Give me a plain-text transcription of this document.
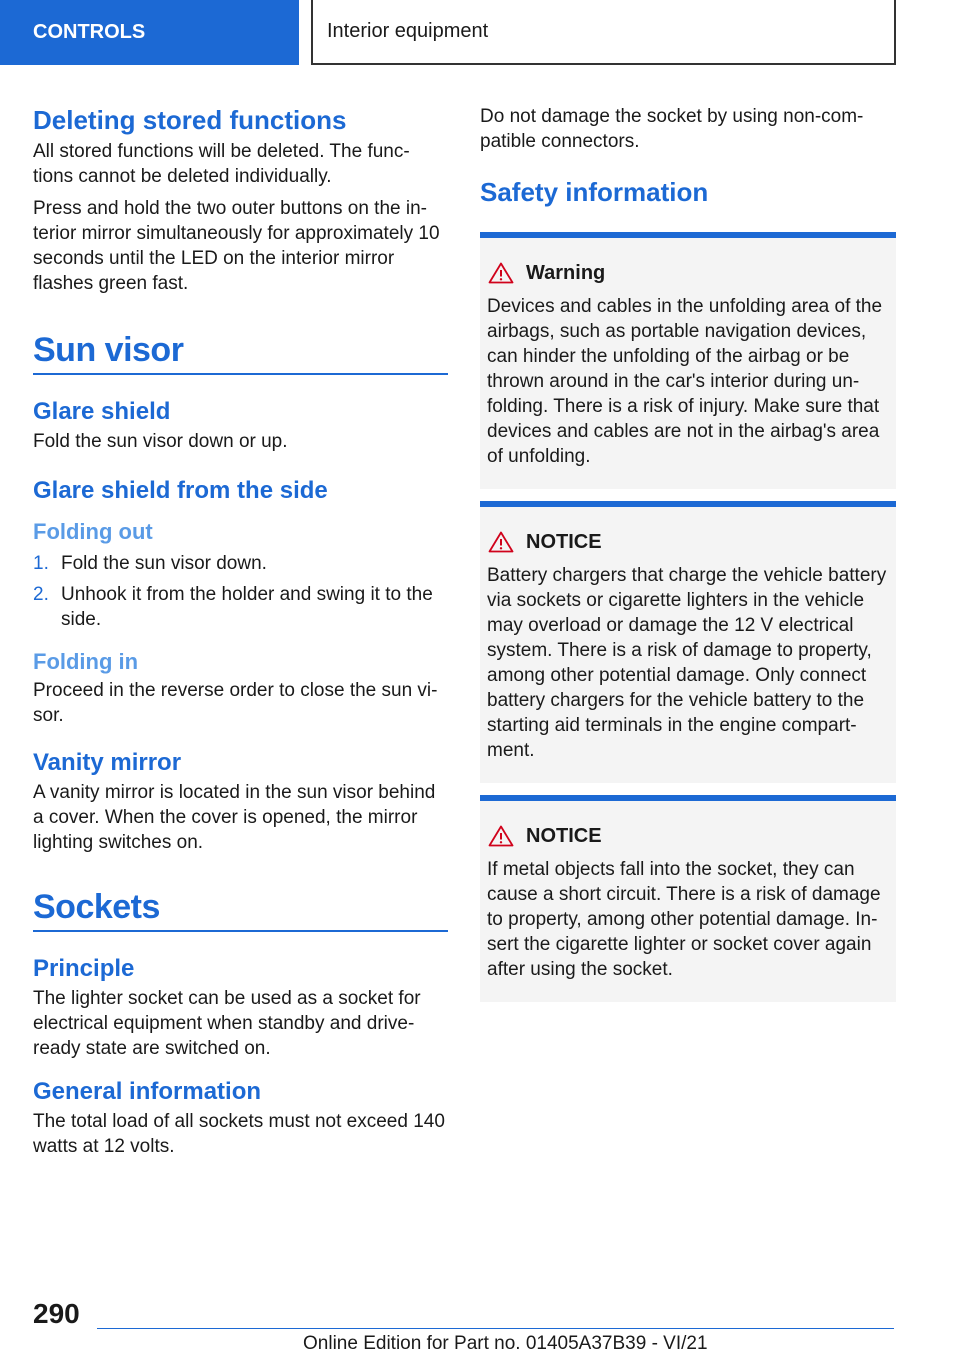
CONTROLS	Interior equipment
Deleting stored functions

All stored functions will be deleted. The func‐ tions cannot be deleted individually.

Press and hold the two outer buttons on the in‐ terior mirror simultaneously for approximately 10 seconds until the LED on the interior mirror flashes green fast.

Sun visor
Glare shield

Fold the sun visor down or up.

Glare shield from the side
Folding out
1. Fold the sun visor down.
2. Unhook it from the holder and swing it to the side.
Folding in

Proceed in the reverse order to close the sun vi‐ sor.

Vanity mirror

A vanity mirror is located in the sun visor behind a cover. When the cover is opened, the mirror lighting switches on.

Sockets
Principle

The lighter socket can be used as a socket for electrical equipment when standby and drive- ready state are switched on.

General information

The total load of all sockets must not exceed 140 watts at 12 volts.

Do not damage the socket by using non-com‐ patible connectors.

Safety information
Warning

Devices and cables in the unfolding area of the airbags, such as portable navigation devices, can hinder the unfolding of the airbag or be thrown around in the car's interior during un‐ folding. There is a risk of injury. Make sure that devices and cables are not in the airbag's area of unfolding.

NOTICE

Battery chargers that charge the vehicle battery via sockets or cigarette lighters in the vehicle may overload or damage the 12 V electrical system. There is a risk of damage to property, among other potential damage. Only connect battery chargers for the vehicle battery to the starting aid terminals in the engine compart‐ ment.

NOTICE

If metal objects fall into the socket, they can cause a short circuit. There is a risk of damage to property, among other potential damage. In‐ sert the cigarette lighter or socket cover again after using the socket.

290
Online Edition for Part no. 01405A37B39 - VI/21
